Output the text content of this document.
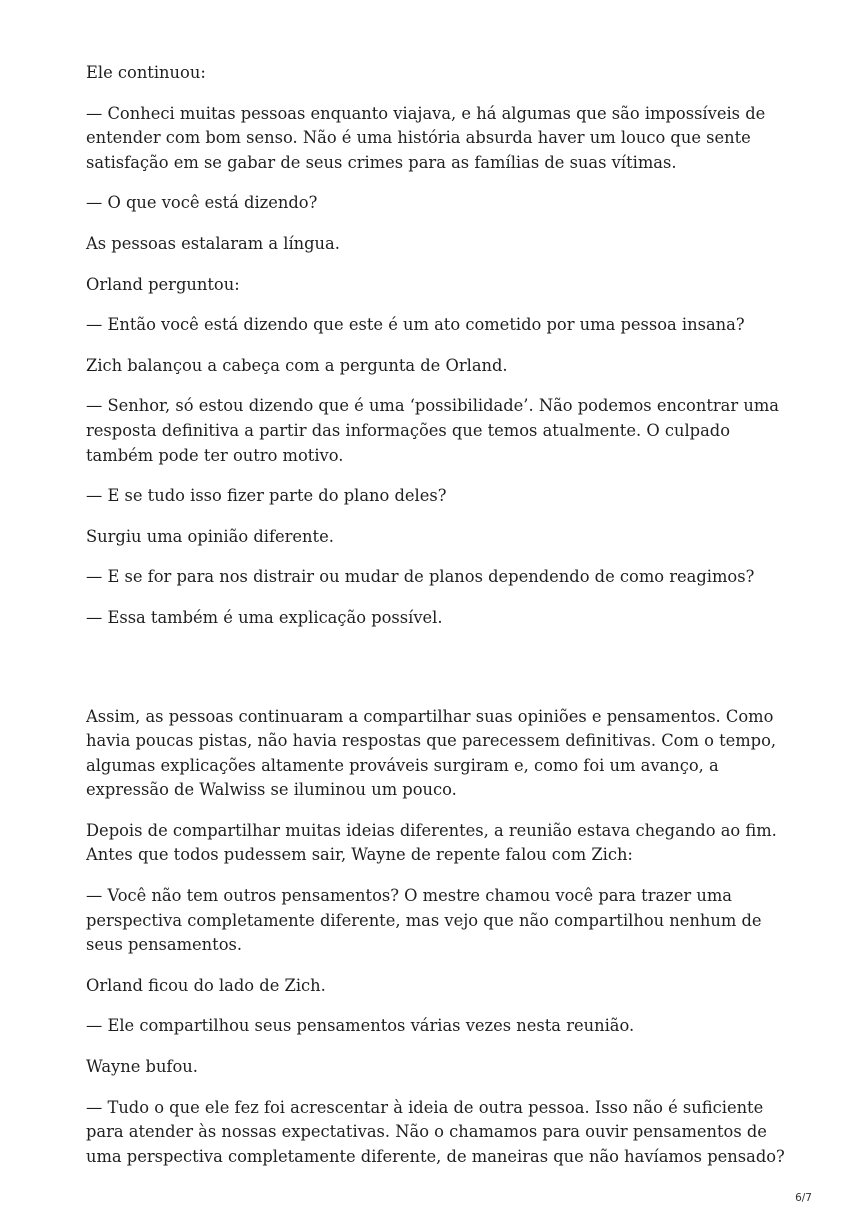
Ele continuou:

— Conheci muitas pessoas enquanto viajava, e há algumas que são impossíveis de entender com bom senso. Não é uma história absurda haver um louco que sente satisfação em se gabar de seus crimes para as famílias de suas vítimas.

— O que você está dizendo?

As pessoas estalaram a língua.

Orland perguntou:

— Então você está dizendo que este é um ato cometido por uma pessoa insana?

Zich balançou a cabeça com a pergunta de Orland.

— Senhor, só estou dizendo que é uma ‘possibilidade’. Não podemos encontrar uma resposta definitiva a partir das informações que temos atualmente. O culpado também pode ter outro motivo.

— E se tudo isso fizer parte do plano deles?

Surgiu uma opinião diferente.

— E se for para nos distrair ou mudar de planos dependendo de como reagimos?

— Essa também é uma explicação possível.

Assim, as pessoas continuaram a compartilhar suas opiniões e pensamentos. Como havia poucas pistas, não havia respostas que parecessem definitivas. Com o tempo, algumas explicações altamente prováveis surgiram e, como foi um avanço, a expressão de Walwiss se iluminou um pouco.

Depois de compartilhar muitas ideias diferentes, a reunião estava chegando ao fim. Antes que todos pudessem sair, Wayne de repente falou com Zich:

— Você não tem outros pensamentos? O mestre chamou você para trazer uma perspectiva completamente diferente, mas vejo que não compartilhou nenhum de seus pensamentos.

Orland ficou do lado de Zich.

— Ele compartilhou seus pensamentos várias vezes nesta reunião.

Wayne bufou.

— Tudo o que ele fez foi acrescentar à ideia de outra pessoa. Isso não é suficiente para atender às nossas expectativas. Não o chamamos para ouvir pensamentos de uma perspectiva completamente diferente, de maneiras que não havíamos pensado?

6/7
